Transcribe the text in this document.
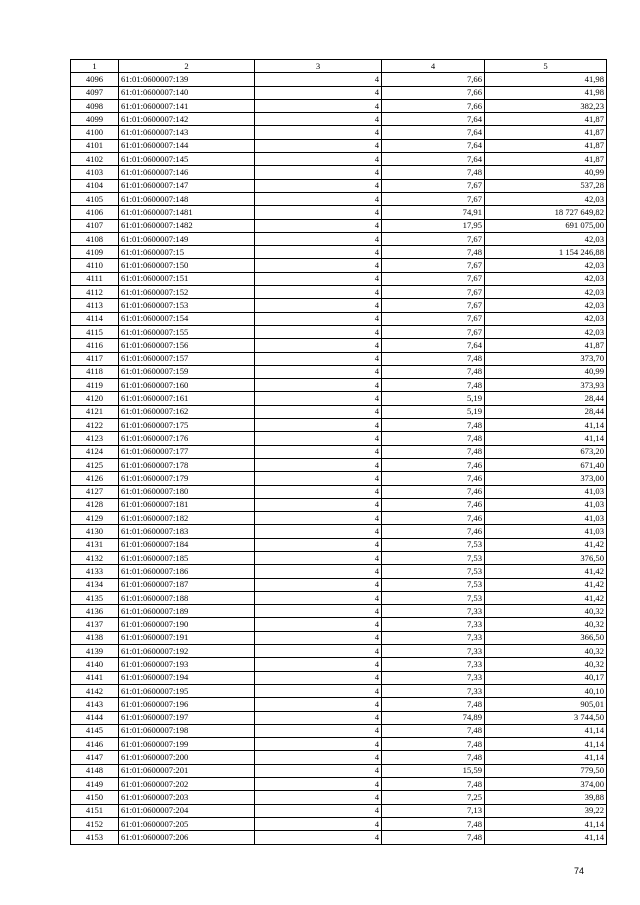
1	2	3	4	5
4096	61:01:0600007:139	4	7,66	41,98
4097	61:01:0600007:140	4	7,66	41,98
4098	61:01:0600007:141	4	7,66	382,23
4099	61:01:0600007:142	4	7,64	41,87
4100	61:01:0600007:143	4	7,64	41,87
4101	61:01:0600007:144	4	7,64	41,87
4102	61:01:0600007:145	4	7,64	41,87
4103	61:01:0600007:146	4	7,48	40,99
4104	61:01:0600007:147	4	7,67	537,28
4105	61:01:0600007:148	4	7,67	42,03
4106	61:01:0600007:1481	4	74,91	18 727 649,82
4107	61:01:0600007:1482	4	17,95	691 075,00
4108	61:01:0600007:149	4	7,67	42,03
4109	61:01:0600007:15	4	7,48	1 154 246,88
4110	61:01:0600007:150	4	7,67	42,03
4111	61:01:0600007:151	4	7,67	42,03
4112	61:01:0600007:152	4	7,67	42,03
4113	61:01:0600007:153	4	7,67	42,03
4114	61:01:0600007:154	4	7,67	42,03
4115	61:01:0600007:155	4	7,67	42,03
4116	61:01:0600007:156	4	7,64	41,87
4117	61:01:0600007:157	4	7,48	373,70
4118	61:01:0600007:159	4	7,48	40,99
4119	61:01:0600007:160	4	7,48	373,93
4120	61:01:0600007:161	4	5,19	28,44
4121	61:01:0600007:162	4	5,19	28,44
4122	61:01:0600007:175	4	7,48	41,14
4123	61:01:0600007:176	4	7,48	41,14
4124	61:01:0600007:177	4	7,48	673,20
4125	61:01:0600007:178	4	7,46	671,40
4126	61:01:0600007:179	4	7,46	373,00
4127	61:01:0600007:180	4	7,46	41,03
4128	61:01:0600007:181	4	7,46	41,03
4129	61:01:0600007:182	4	7,46	41,03
4130	61:01:0600007:183	4	7,46	41,03
4131	61:01:0600007:184	4	7,53	41,42
4132	61:01:0600007:185	4	7,53	376,50
4133	61:01:0600007:186	4	7,53	41,42
4134	61:01:0600007:187	4	7,53	41,42
4135	61:01:0600007:188	4	7,53	41,42
4136	61:01:0600007:189	4	7,33	40,32
4137	61:01:0600007:190	4	7,33	40,32
4138	61:01:0600007:191	4	7,33	366,50
4139	61:01:0600007:192	4	7,33	40,32
4140	61:01:0600007:193	4	7,33	40,32
4141	61:01:0600007:194	4	7,33	40,17
4142	61:01:0600007:195	4	7,33	40,10
4143	61:01:0600007:196	4	7,48	905,01
4144	61:01:0600007:197	4	74,89	3 744,50
4145	61:01:0600007:198	4	7,48	41,14
4146	61:01:0600007:199	4	7,48	41,14
4147	61:01:0600007:200	4	7,48	41,14
4148	61:01:0600007:201	4	15,59	779,50
4149	61:01:0600007:202	4	7,48	374,00
4150	61:01:0600007:203	4	7,25	39,88
4151	61:01:0600007:204	4	7,13	39,22
4152	61:01:0600007:205	4	7,48	41,14
4153	61:01:0600007:206	4	7,48	41,14
74
